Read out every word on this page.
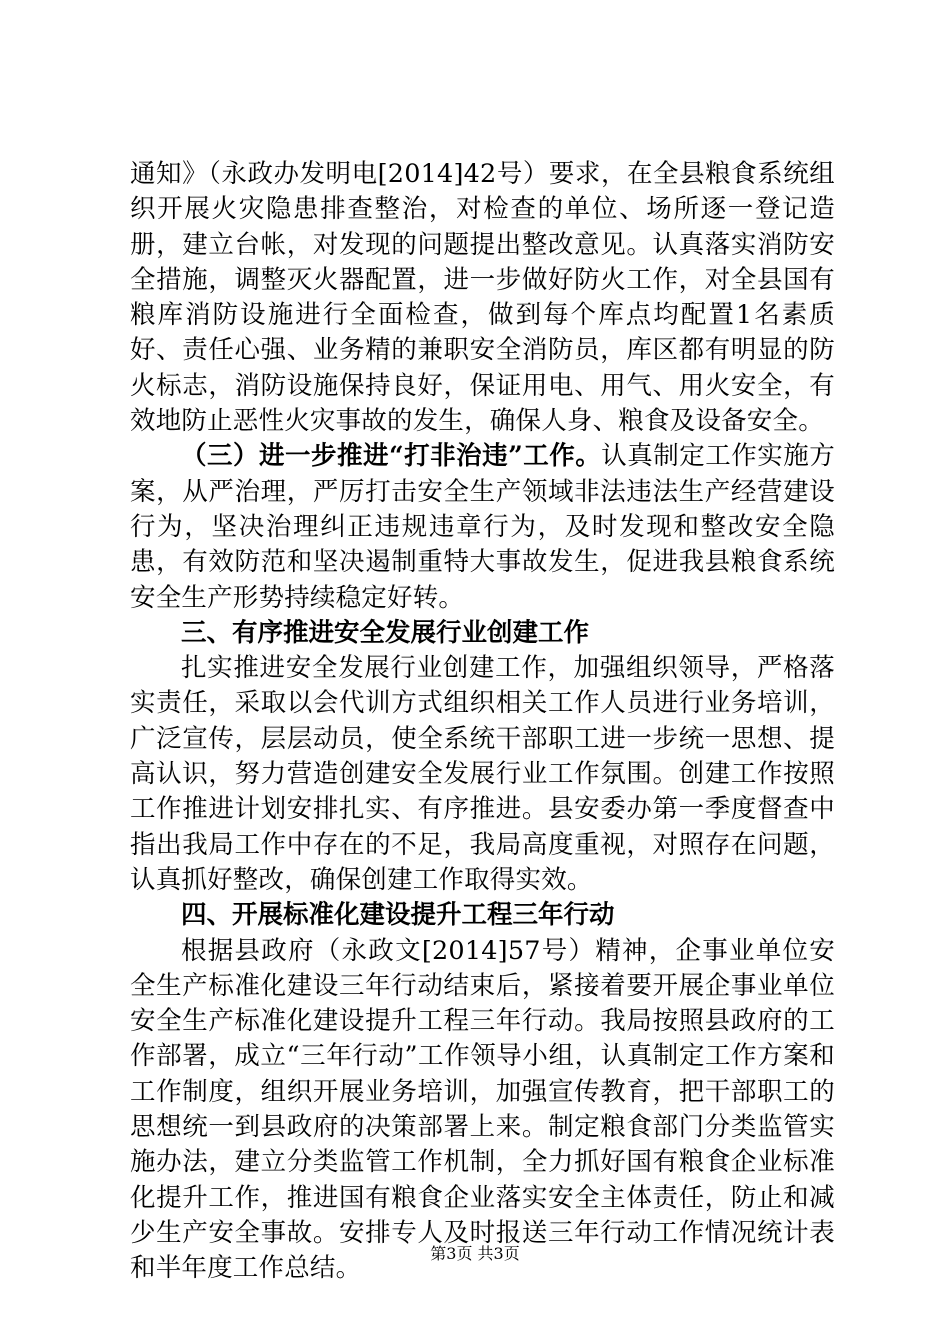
通知》（永政办发明电[2014]42号）要求，在全县粮食系统组织开展火灾隐患排查整治，对检查的单位、场所逐一登记造册，建立台帐，对发现的问题提出整改意见。认真落实消防安全措施，调整灭火器配置，进一步做好防火工作，对全县国有粮库消防设施进行全面检查，做到每个库点均配置1名素质好、责任心强、业务精的兼职安全消防员，库区都有明显的防火标志，消防设施保持良好，保证用电、用气、用火安全，有效地防止恶性火灾事故的发生，确保人身、粮食及设备安全。

（三）进一步推进“打非治违”工作。认真制定工作实施方案，从严治理，严厉打击安全生产领域非法违法生产经营建设行为，坚决治理纠正违规违章行为，及时发现和整改安全隐患，有效防范和坚决遏制重特大事故发生，促进我县粮食系统安全生产形势持续稳定好转。

三、有序推进安全发展行业创建工作

扎实推进安全发展行业创建工作，加强组织领导，严格落实责任，采取以会代训方式组织相关工作人员进行业务培训，广泛宣传，层层动员，使全系统干部职工进一步统一思想、提高认识，努力营造创建安全发展行业工作氛围。创建工作按照工作推进计划安排扎实、有序推进。县安委办第一季度督查中指出我局工作中存在的不足，我局高度重视，对照存在问题，认真抓好整改，确保创建工作取得实效。

四、开展标准化建设提升工程三年行动

根据县政府（永政文[2014]57号）精神，企事业单位安全生产标准化建设三年行动结束后，紧接着要开展企事业单位安全生产标准化建设提升工程三年行动。我局按照县政府的工作部署，成立“三年行动”工作领导小组，认真制定工作方案和工作制度，组织开展业务培训，加强宣传教育，把干部职工的思想统一到县政府的决策部署上来。制定粮食部门分类监管实施办法，建立分类监管工作机制，全力抓好国有粮食企业标准化提升工作，推进国有粮食企业落实安全主体责任，防止和减少生产安全事故。安排专人及时报送三年行动工作情况统计表和半年度工作总结。	第3页 共3页
